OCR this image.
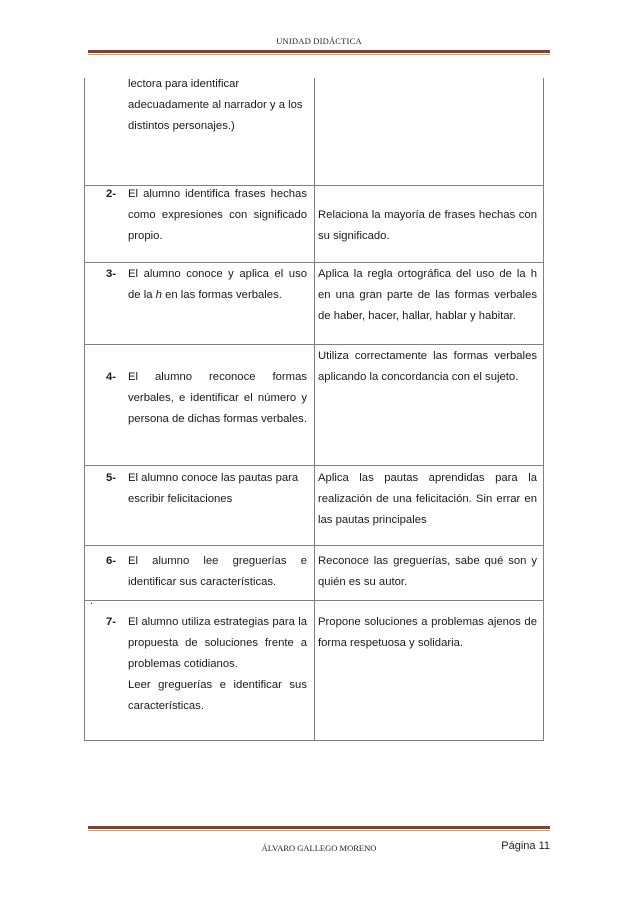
UNIDAD DIDÁCTICA
lectora para identificar adecuadamente al narrador y a los distintos personajes.)
2- El alumno identifica frases hechas como expresiones con significado propio.
Relaciona la mayoría de frases hechas con su significado.
3- El alumno conoce y aplica el uso de la h en las formas verbales.
Aplica la regla ortográfica del uso de la h en una gran parte de las formas verbales de haber, hacer, hallar, hablar y habitar.
4- El alumno reconoce formas verbales, e identificar el número y persona de dichas formas verbales.
Utiliza correctamente las formas verbales aplicando la concordancia con el sujeto.
5- El alumno conoce las pautas para escribir felicitaciones
Aplica las pautas aprendidas para la realización de una felicitación. Sin errar en las pautas principales
6- El alumno lee greguerías e identificar sus características.
Reconoce las greguerías, sabe qué son y quién es su autor.
.
7- El alumno utiliza estrategias para la propuesta de soluciones frente a problemas cotidianos.

Leer greguerías e identificar sus características.

Propone soluciones a problemas ajenos de forma respetuosa y solidaria.
ÁLVARO GALLEGO MORENO	Página 11
